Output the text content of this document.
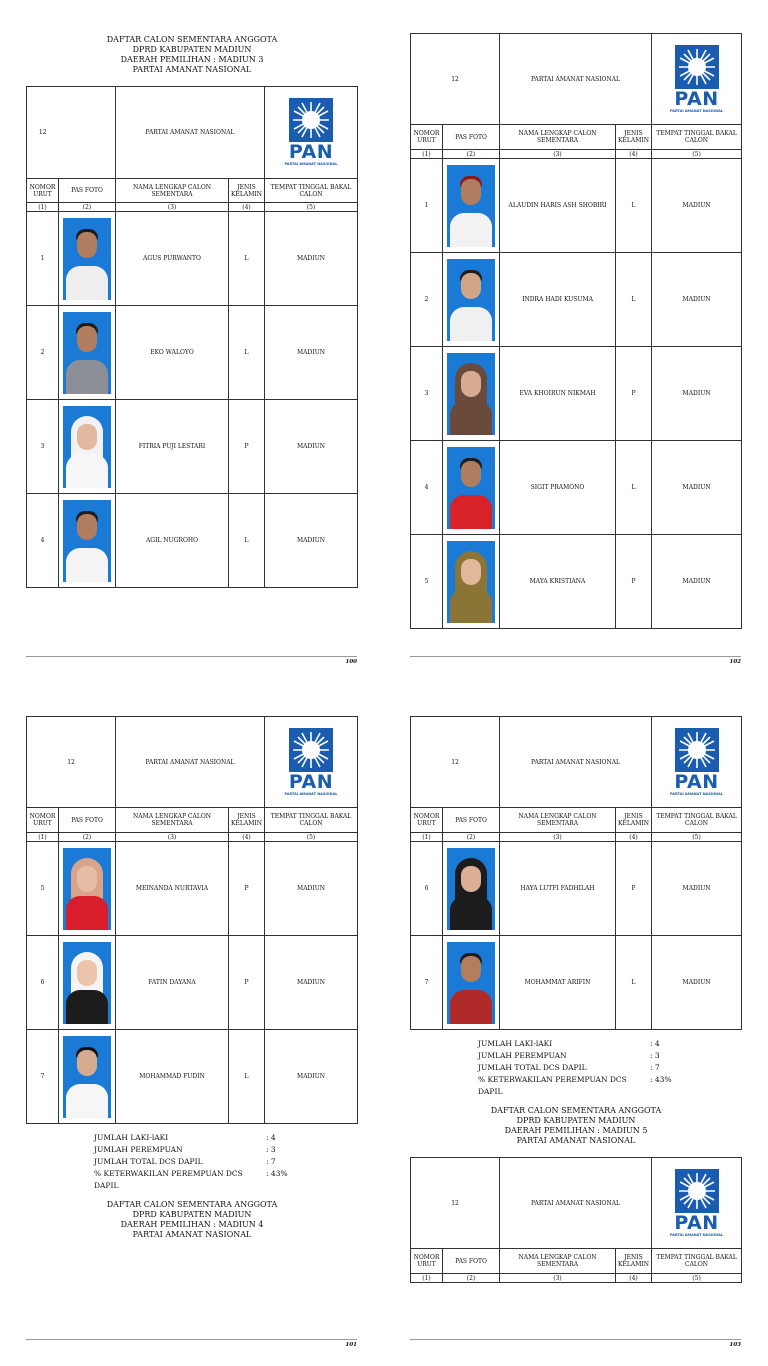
DAFTAR CALON SEMENTARA ANGGOTA
DPRD KABUPATEN MADIUN
DAERAH PEMILIHAN : MADIUN 3
PARTAI AMANAT NASIONAL
12		PARTAI AMANAT NASIONAL		PAN
PARTAI AMANAT NASIONAL

NOMOR URUT	PAS FOTO	NAMA LENGKAP CALON SEMENTARA	JENIS KELAMIN	TEMPAT TINGGAL BAKAL CALON
(1)	(2)	(3)	(4)	(5)
1		AGUS PURWANTO	L	MADIUN
2		EKO WALOYO	L	MADIUN
3		FITRIA PUJI LESTARI	P	MADIUN
4		AGIL NUGROHO	L	MADIUN
100
12		PARTAI AMANAT NASIONAL		PAN
PARTAI AMANAT NASIONAL

NOMOR URUT	PAS FOTO	NAMA LENGKAP CALON SEMENTARA	JENIS KELAMIN	TEMPAT TINGGAL BAKAL CALON
(1)	(2)	(3)	(4)	(5)
1		ALAUDIN HARIS ASH SHOBIRI	L	MADIUN
2		INDRA HADI KUSUMA	L	MADIUN
3		EVA KHOIRUN NIKMAH	P	MADIUN
4		SIGIT PRAMONO	L	MADIUN
5		MAYA KRISTIANA	P	MADIUN
102
12		PARTAI AMANAT NASIONAL		PAN
PARTAI AMANAT NASIONAL

NOMOR URUT	PAS FOTO	NAMA LENGKAP CALON SEMENTARA	JENIS KELAMIN	TEMPAT TINGGAL BAKAL CALON
(1)	(2)	(3)	(4)	(5)
5		MEINANDA NURTAVIA	P	MADIUN
6		FATIN DAYANA	P	MADIUN
7		MOHAMMAD FUDIN	L	MADIUN
JUMLAH LAKI-lAKI	: 4
JUMLAH PEREMPUAN	: 3
JUMLAH TOTAL DCS DAPIL	: 7
% KETERWAKILAN PEREMPUAN DCS DAPIL
: 43%
DAFTAR CALON SEMENTARA ANGGOTA
DPRD KABUPATEN MADIUN
DAERAH PEMILIHAN : MADIUN 4
PARTAI AMANAT NASIONAL
101
12		PARTAI AMANAT NASIONAL		PAN
PARTAI AMANAT NASIONAL

NOMOR URUT	PAS FOTO	NAMA LENGKAP CALON SEMENTARA	JENIS KELAMIN	TEMPAT TINGGAL BAKAL CALON
(1)	(2)	(3)	(4)	(5)
6		HAYA LUTFI FADHILAH	P	MADIUN
7		MOHAMMAT ARIFIN	L	MADIUN
JUMLAH LAKI-lAKI	: 4
JUMLAH PEREMPUAN	: 3
JUMLAH TOTAL DCS DAPIL	: 7
% KETERWAKILAN PEREMPUAN DCS DAPIL
: 43%
DAFTAR CALON SEMENTARA ANGGOTA
DPRD KABUPATEN MADIUN
DAERAH PEMILIHAN : MADIUN 5
PARTAI AMANAT NASIONAL
12		PARTAI AMANAT NASIONAL		PAN
PARTAI AMANAT NASIONAL

NOMOR URUT	PAS FOTO	NAMA LENGKAP CALON SEMENTARA	JENIS KELAMIN	TEMPAT TINGGAL BAKAL CALON
(1)	(2)	(3)	(4)	(5)
103
